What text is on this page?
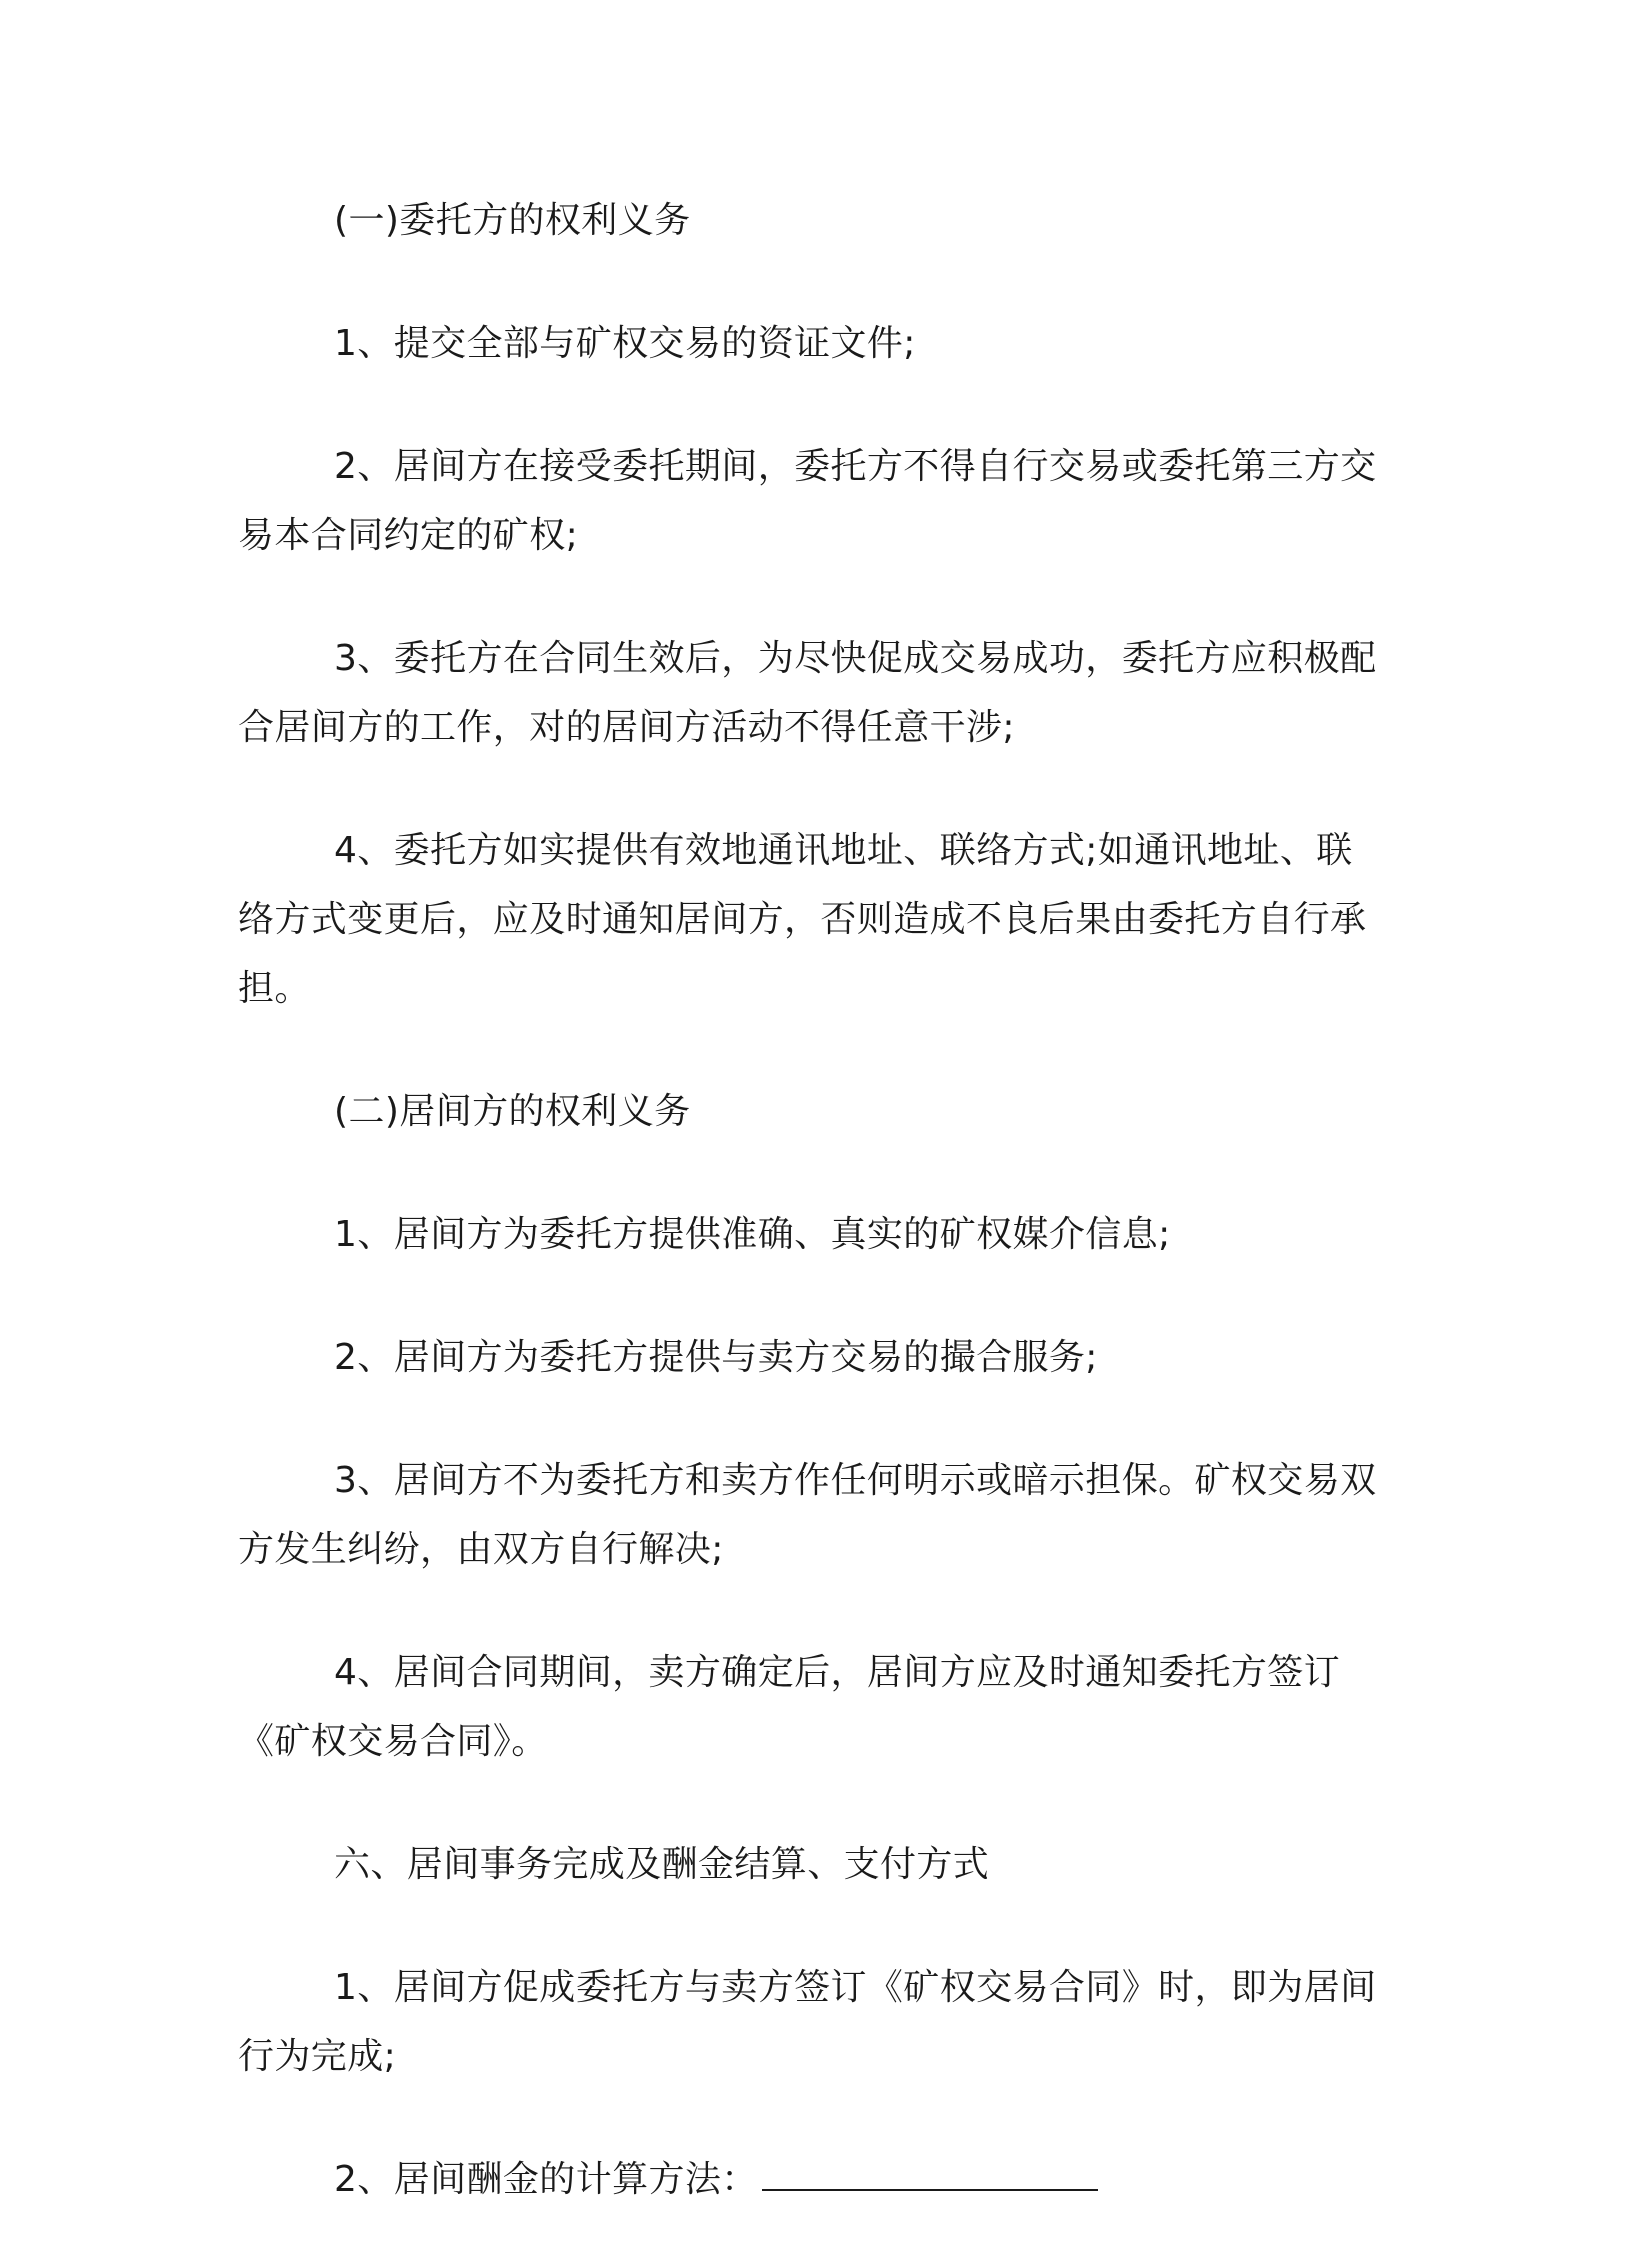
(一)委托方的权利义务

1、提交全部与矿权交易的资证文件;

2、居间方在接受委托期间，委托方不得自行交易或委托第三方交易本合同约定的矿权;

3、委托方在合同生效后，为尽快促成交易成功，委托方应积极配合居间方的工作，对的居间方活动不得任意干涉;

4、委托方如实提供有效地通讯地址、联络方式;如通讯地址、联络方式变更后，应及时通知居间方，否则造成不良后果由委托方自行承担。

(二)居间方的权利义务

1、居间方为委托方提供准确、真实的矿权媒介信息;

2、居间方为委托方提供与卖方交易的撮合服务;

3、居间方不为委托方和卖方作任何明示或暗示担保。矿权交易双方发生纠纷，由双方自行解决;

4、居间合同期间，卖方确定后，居间方应及时通知委托方签订《矿权交易合同》。

六、居间事务完成及酬金结算、支付方式

1、居间方促成委托方与卖方签订《矿权交易合同》时，即为居间行为完成;

2、居间酬金的计算方法：
